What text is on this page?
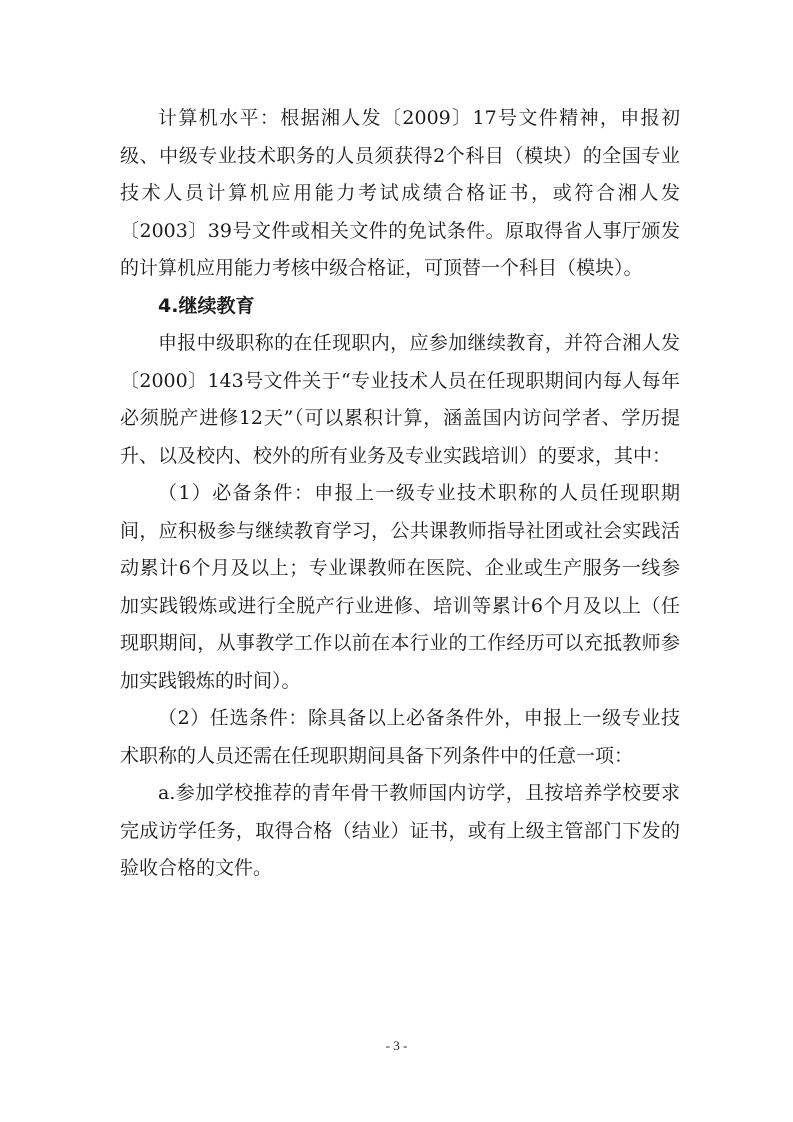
计算机水平：根据湘人发〔2009〕17号文件精神，申报初级、中级专业技术职务的人员须获得2个科目（模块）的全国专业技术人员计算机应用能力考试成绩合格证书，或符合湘人发〔2003〕39号文件或相关文件的免试条件。原取得省人事厅颁发的计算机应用能力考核中级合格证，可顶替一个科目（模块）。

4.继续教育

申报中级职称的在任现职内，应参加继续教育，并符合湘人发〔2000〕143号文件关于“专业技术人员在任现职期间内每人每年必须脱产进修12天”（可以累积计算，涵盖国内访问学者、学历提升、以及校内、校外的所有业务及专业实践培训）的要求，其中：

（1）必备条件：申报上一级专业技术职称的人员任现职期间，应积极参与继续教育学习，公共课教师指导社团或社会实践活动累计6个月及以上；专业课教师在医院、企业或生产服务一线参加实践锻炼或进行全脱产行业进修、培训等累计6个月及以上（任现职期间，从事教学工作以前在本行业的工作经历可以充抵教师参加实践锻炼的时间）。

（2）任选条件：除具备以上必备条件外，申报上一级专业技术职称的人员还需在任现职期间具备下列条件中的任意一项：

a.参加学校推荐的青年骨干教师国内访学，且按培养学校要求完成访学任务，取得合格（结业）证书，或有上级主管部门下发的验收合格的文件。

- 3 -
